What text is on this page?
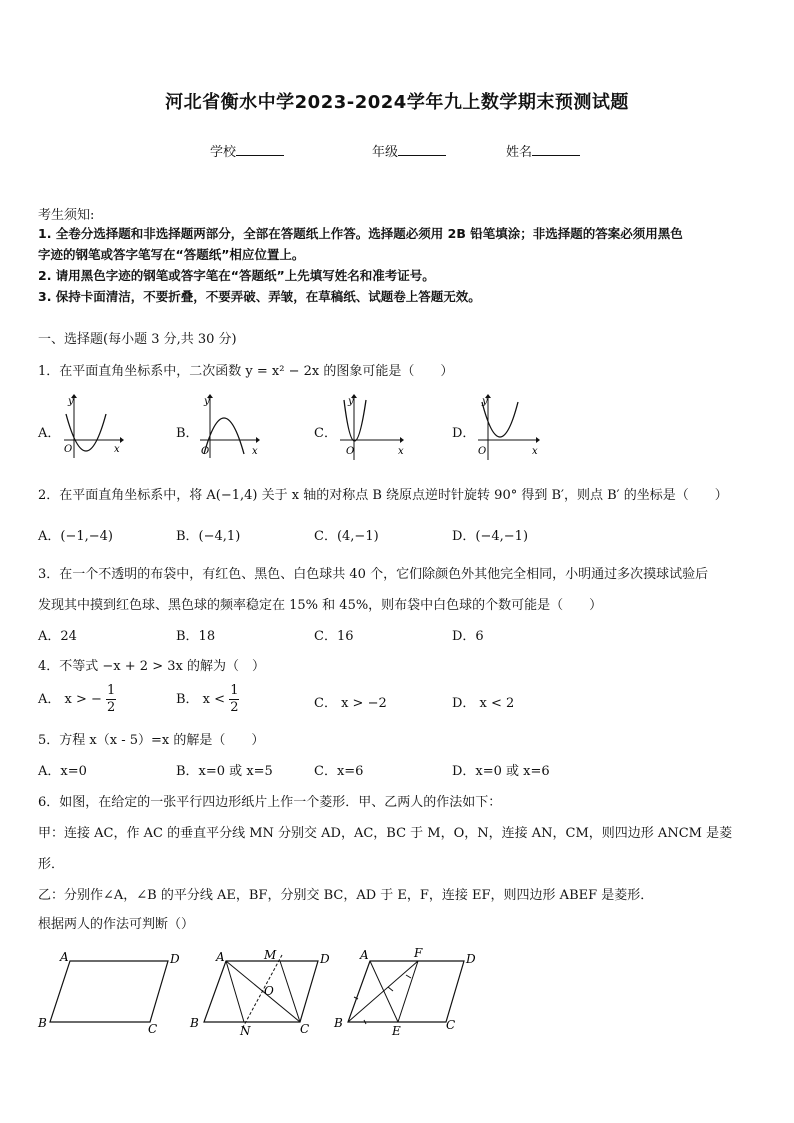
河北省衡水中学2023-2024学年九上数学期末预测试题
学校	年级	姓名
考生须知:
1. 全卷分选择题和非选择题两部分，全部在答题纸上作答。选择题必须用 2B 铅笔填涂；非选择题的答案必须用黑色
字迹的钢笔或答字笔写在“答题纸”相应位置上。
2. 请用黑色字迹的钢笔或答字笔在“答题纸”上先填写姓名和准考证号。
3. 保持卡面清洁，不要折叠，不要弄破、弄皱，在草稿纸、试题卷上答题无效。
一、选择题(每小题 3 分,共 30 分)
1．在平面直角坐标系中，二次函数 y = x² − 2x 的图象可能是（　　）
A．
y
x
O
B．
y
x
O
C．
y
x
O
D．
y
x
O
2．在平面直角坐标系中，将 A(−1,4) 关于 x 轴的对称点 B 绕原点逆时针旋转 90° 得到 B′，则点 B′ 的坐标是（　　）
A．(−1,−4)	B．(−4,1)	C．(4,−1)	D．(−4,−1)
3．在一个不透明的布袋中，有红色、黑色、白色球共 40 个，它们除颜色外其他完全相同，小明通过多次摸球试验后
发现其中摸到红色球、黑色球的频率稳定在 15% 和 45%，则布袋中白色球的个数可能是（　　）
A．24	B．18	C．16	D．6
4．不等式 −x + 2 > 3x 的解为（　）
A． x > − $\frac{1}{2}$	B． $x < \frac{1}{2}$	C． x > −2	D． x < 2
5．方程 x（x - 5）=x 的解是（　　）
A．x=0	B．x=0 或 x=5	C．x=6	D．x=0 或 x=6
6．如图，在给定的一张平行四边形纸片上作一个菱形．甲、乙两人的作法如下：
甲：连接 AC，作 AC 的垂直平分线 MN 分别交 AD，AC，BC 于 M，O，N，连接 AN，CM，则四边形 ANCM 是菱
形．
乙：分别作∠A，∠B 的平分线 AE，BF，分别交 BC，AD 于 E，F，连接 EF，则四边形 ABEF 是菱形．
根据两人的作法可判断（）
A	D
B	C
A	M	D
O
B
N	C
A	F	D
B
E	C
